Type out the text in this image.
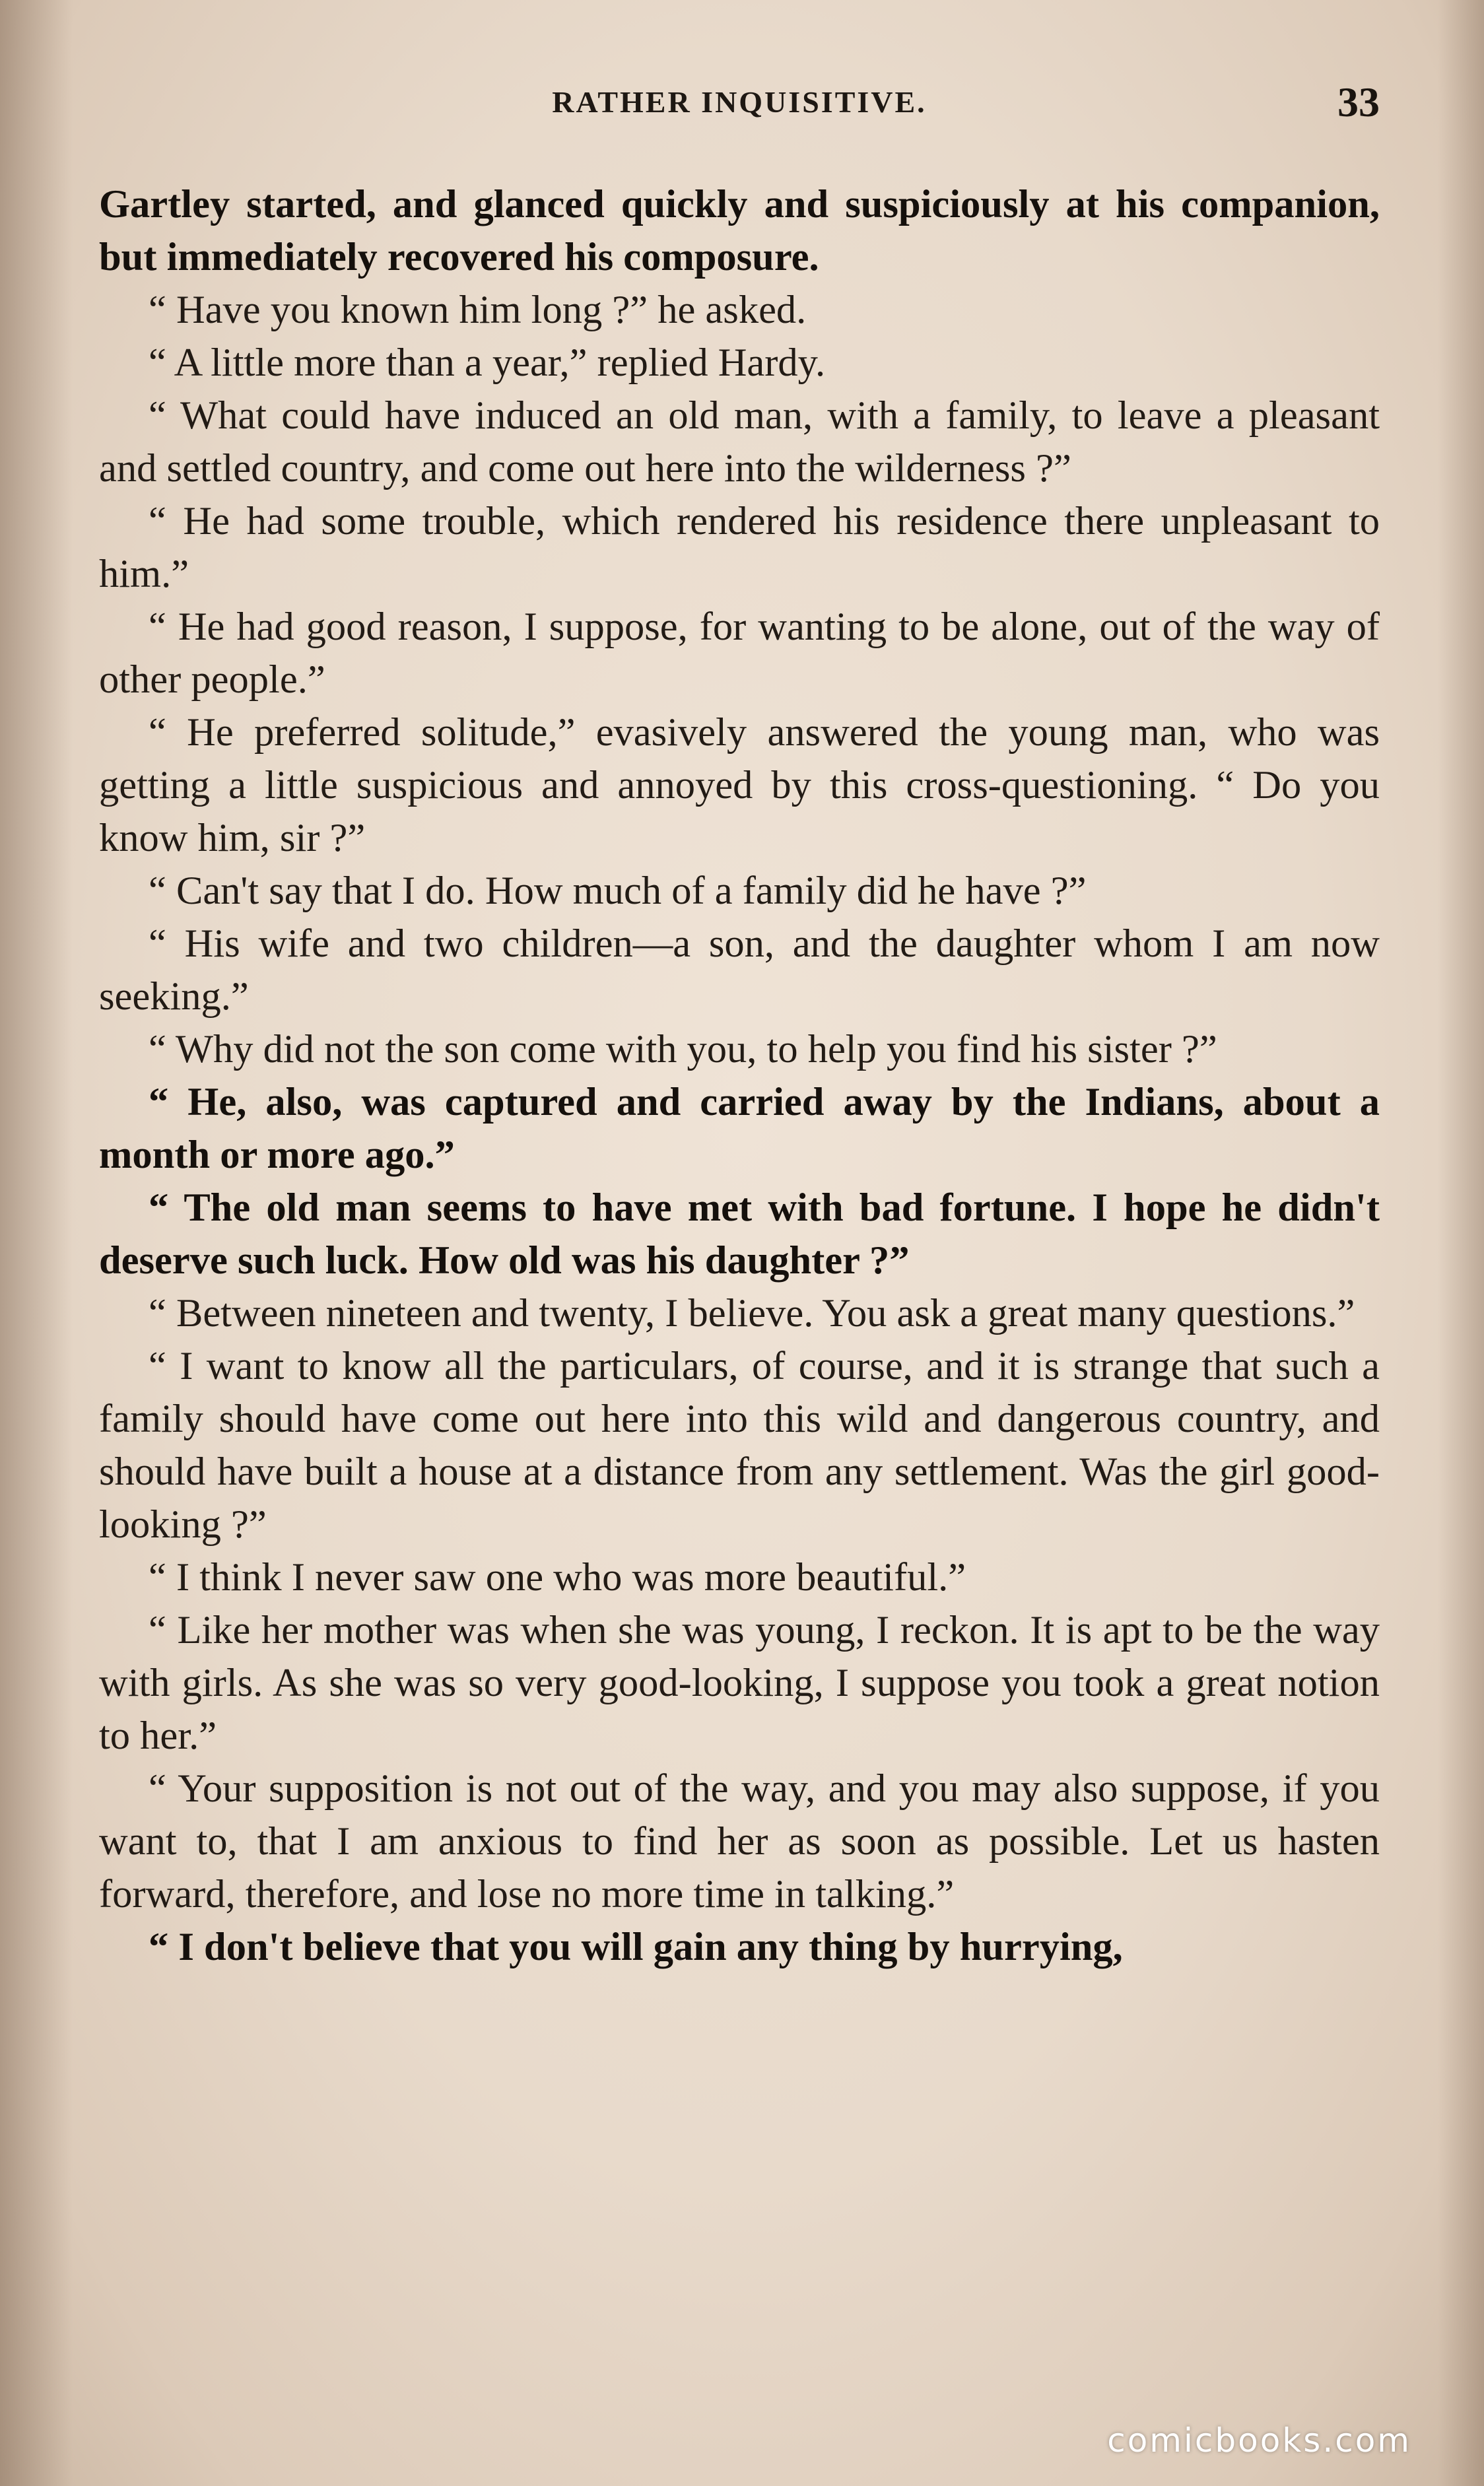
RATHER INQUISITIVE.	33

Gartley started, and glanced quickly and suspiciously at his companion, but immediately recovered his composure.

“ Have you known him long ?” he asked.

“ A little more than a year,” replied Hardy.

“ What could have induced an old man, with a family, to leave a pleasant and settled country, and come out here into the wilderness ?”

“ He had some trouble, which rendered his residence there unpleasant to him.”

“ He had good reason, I suppose, for wanting to be alone, out of the way of other people.”

“ He preferred solitude,” evasively answered the young man, who was getting a little suspicious and annoyed by this cross-questioning. “ Do you know him, sir ?”

“ Can't say that I do. How much of a family did he have ?”

“ His wife and two children—a son, and the daughter whom I am now seeking.”

“ Why did not the son come with you, to help you find his sister ?”

“ He, also, was captured and carried away by the Indians, about a month or more ago.”

“ The old man seems to have met with bad fortune. I hope he didn't deserve such luck. How old was his daughter ?”

“ Between nineteen and twenty, I believe. You ask a great many questions.”

“ I want to know all the particulars, of course, and it is strange that such a family should have come out here into this wild and dangerous country, and should have built a house at a distance from any settlement. Was the girl good-looking ?”

“ I think I never saw one who was more beautiful.”

“ Like her mother was when she was young, I reckon. It is apt to be the way with girls. As she was so very good-looking, I suppose you took a great notion to her.”

“ Your supposition is not out of the way, and you may also suppose, if you want to, that I am anxious to find her as soon as possible. Let us hasten forward, therefore, and lose no more time in talking.”

“ I don't believe that you will gain any thing by hurrying,

comicbooks.com
